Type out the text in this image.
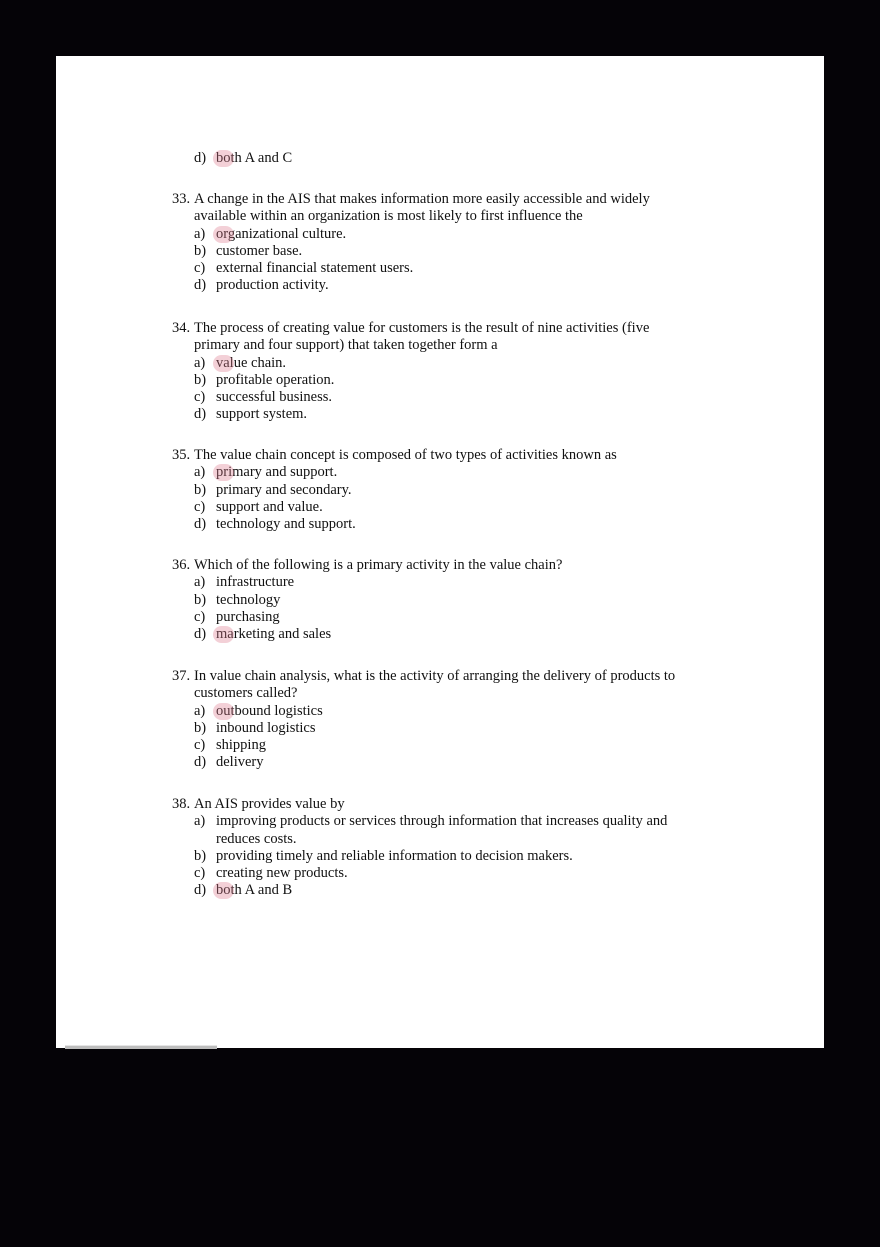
d) both A and C
33. A change in the AIS that makes information more easily accessible and widely available within an organization is most likely to first influence the
a) organizational culture.
b) customer base.
c) external financial statement users.
d) production activity.
34. The process of creating value for customers is the result of nine activities (five primary and four support) that taken together form a
a) value chain.
b) profitable operation.
c) successful business.
d) support system.
35. The value chain concept is composed of two types of activities known as
a) primary and support.
b) primary and secondary.
c) support and value.
d) technology and support.
36. Which of the following is a primary activity in the value chain?
a) infrastructure
b) technology
c) purchasing
d) marketing and sales
37. In value chain analysis, what is the activity of arranging the delivery of products to customers called?
a) outbound logistics
b) inbound logistics
c) shipping
d) delivery
38. An AIS provides value by
a) improving products or services through information that increases quality and reduces costs.
b) providing timely and reliable information to decision makers.
c) creating new products.
d) both A and B
